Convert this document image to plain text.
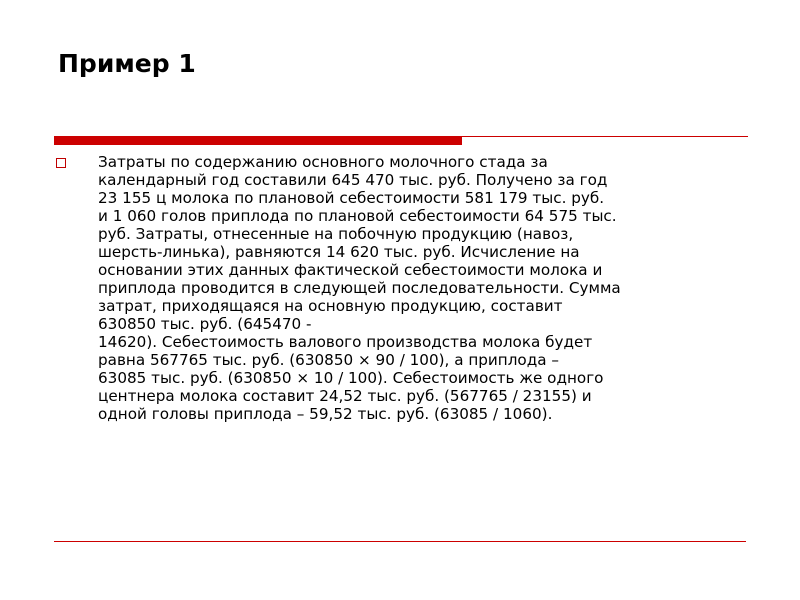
Пример 1

Затраты по содержанию основного молочного стада за
календарный год составили 645 470 тыс. руб. Получено за год
23 155 ц молока по плановой себестоимости 581 179 тыс. руб.
и 1 060 голов приплода по плановой себестоимости 64 575 тыс.
руб. Затраты, отнесенные на побочную продукцию (навоз,
шерсть-линька), равняются 14 620 тыс. руб. Исчисление на
основании этих данных фактической себестоимости молока и
приплода проводится в следующей последовательности. Сумма
затрат, приходящаяся на основную продукцию, составит
630850 тыс. руб. (645470 -
14620). Себестоимость валового производства молока будет
равна 567765 тыс. руб. (630850 × 90 / 100), а приплода –
63085 тыс. руб. (630850 × 10 / 100). Себестоимость же одного
центнера молока составит 24,52 тыс. руб. (567765 / 23155) и
одной головы приплода – 59,52 тыс. руб. (63085 / 1060).
